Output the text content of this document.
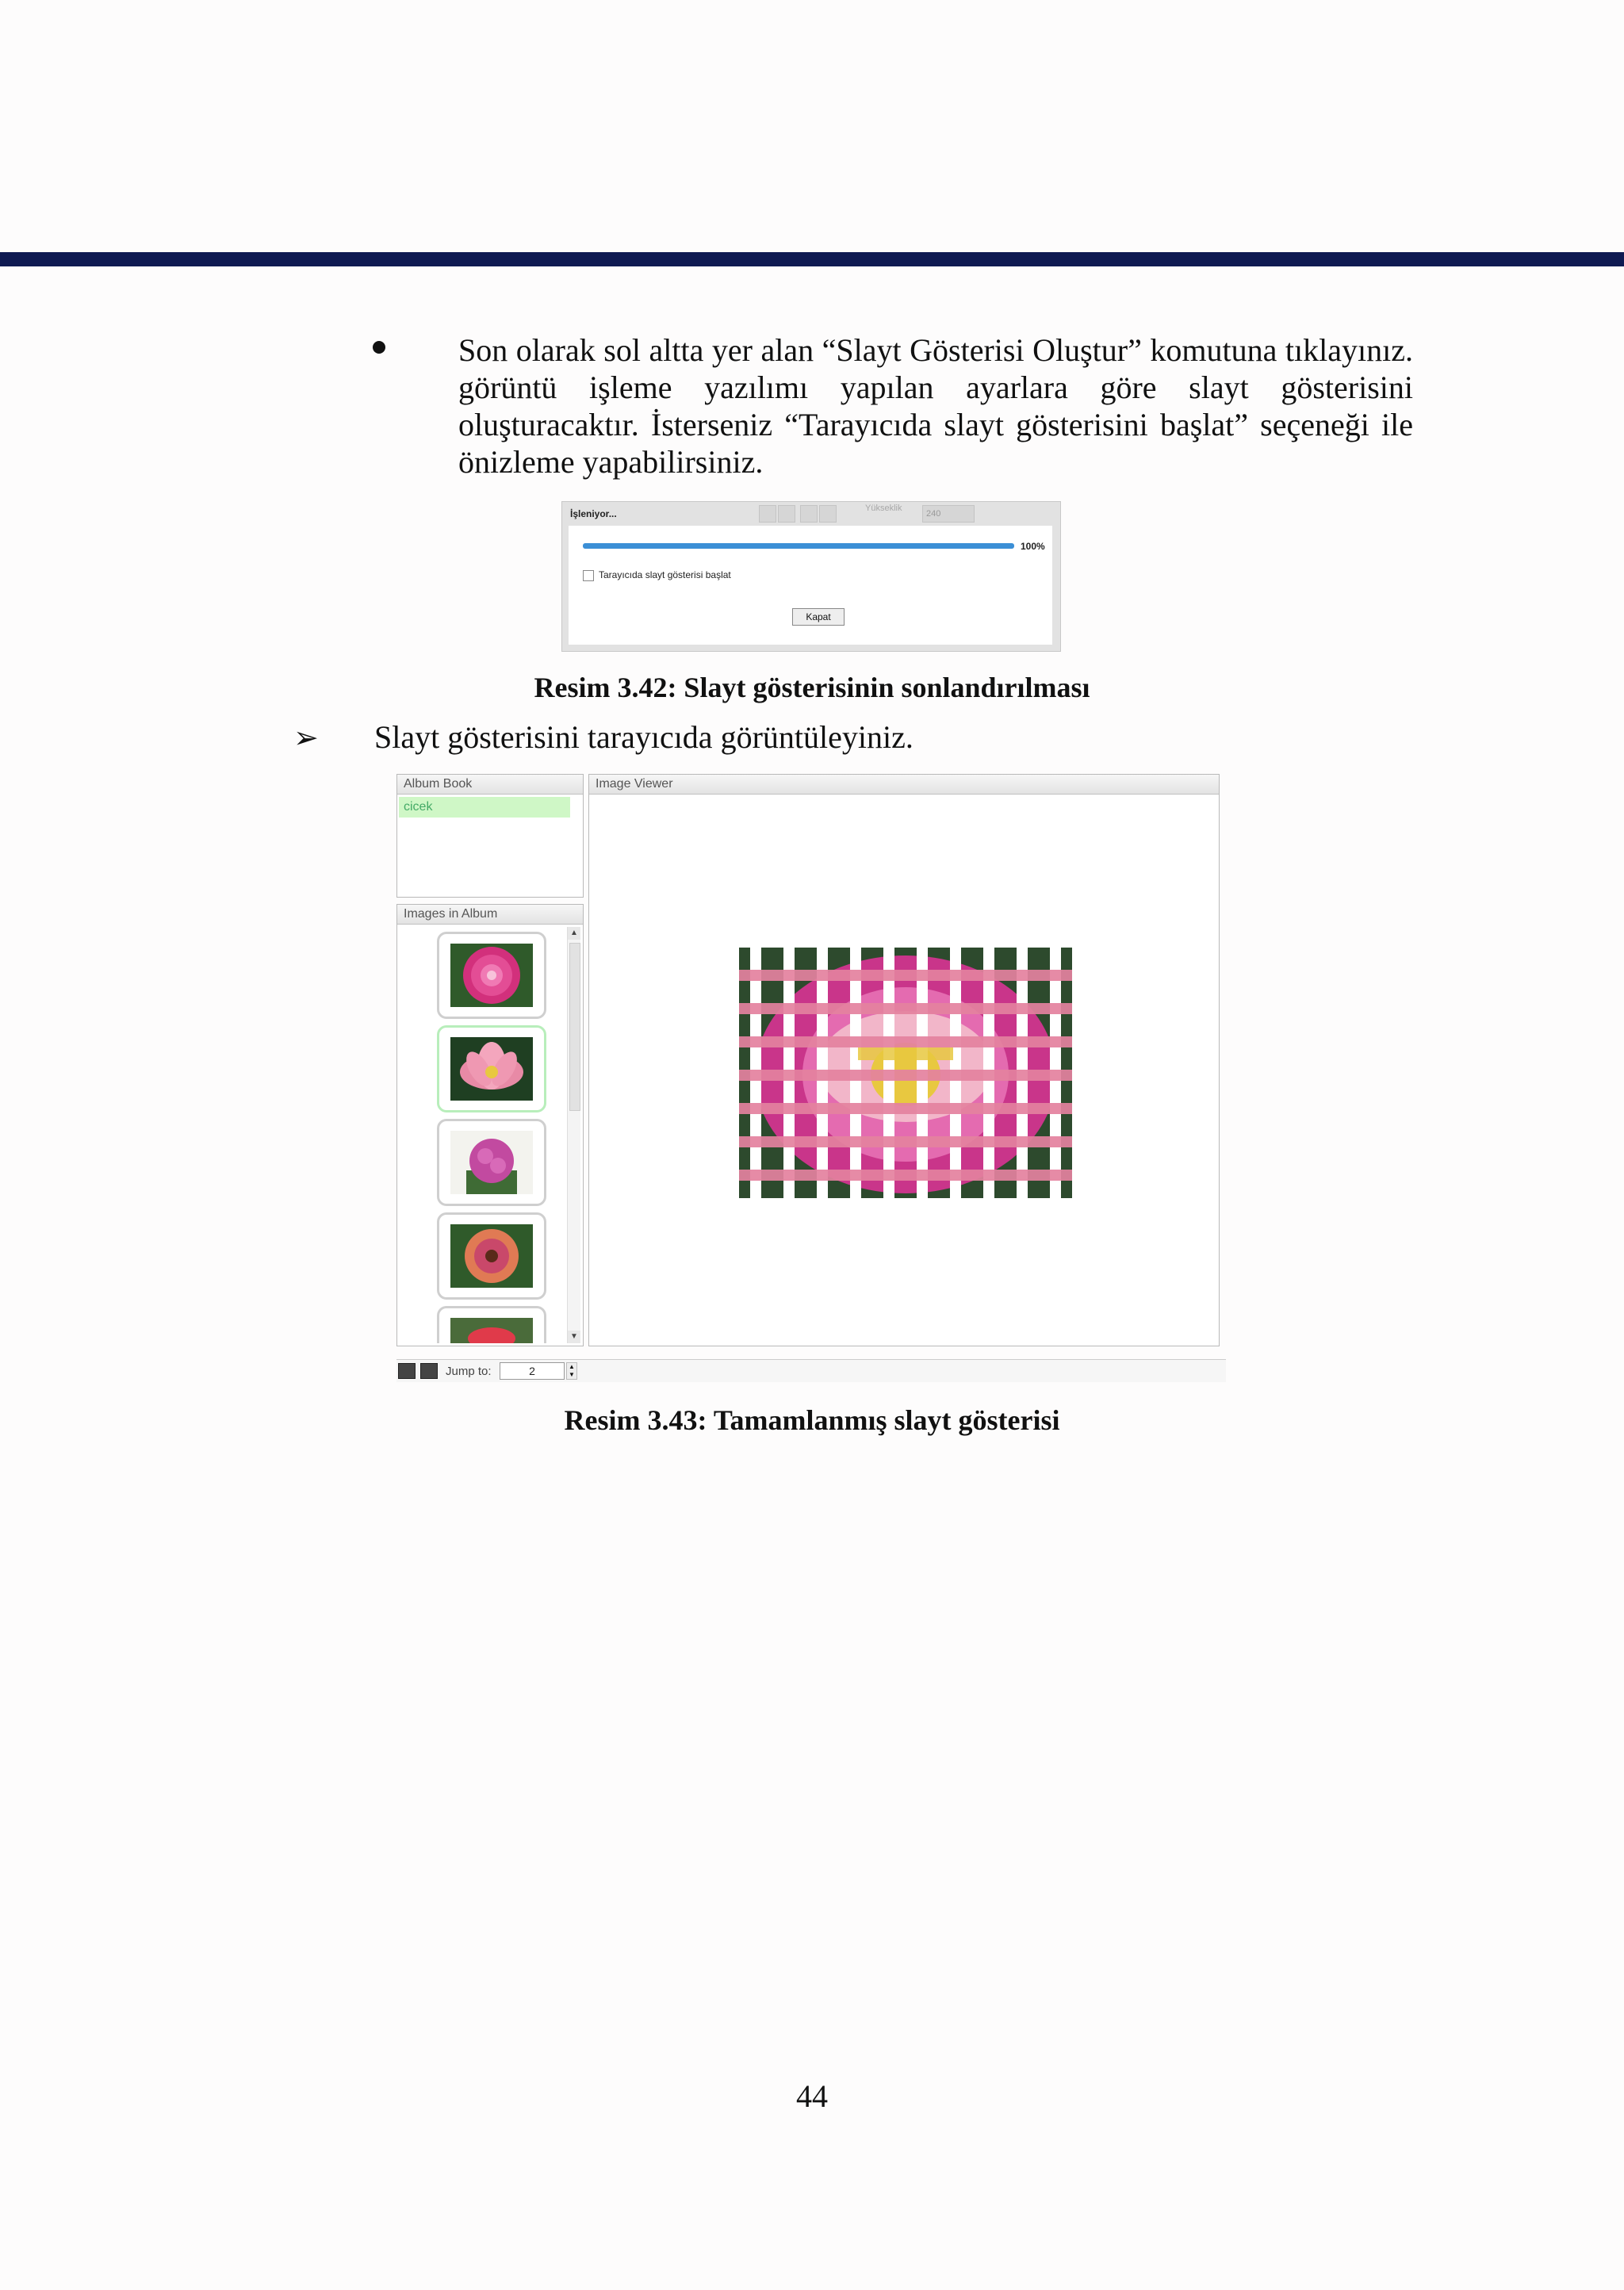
Son olarak sol altta yer alan “Slayt Gösterisi Oluştur” komutuna tıklayınız. görüntü işleme yazılımı yapılan ayarlara göre slayt gösterisini oluşturacaktır. İsterseniz “Tarayıcıda slayt gösterisini başlat” seçeneği ile önizleme yapabilirsiniz.
İşleniyor...	Yükseklik
240
100%
Tarayıcıda slayt gösterisi başlat
Kapat
Resim 3.42: Slayt gösterisinin sonlandırılması
➢ Slayt gösterisini tarayıcıda görüntüleyiniz.
Album Book
cicek
Images in Album
▲
▼
Image Viewer
Jump to:	2	▲
▼
Resim 3.43: Tamamlanmış slayt gösterisi
44
